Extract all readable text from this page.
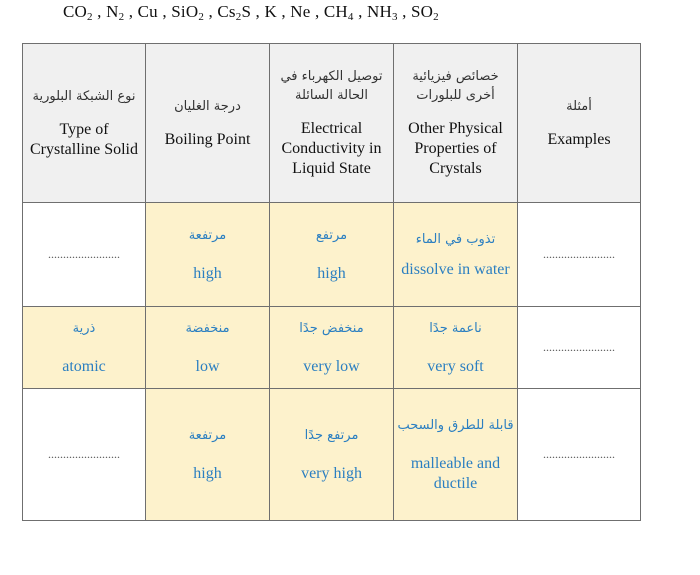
$CO_2$ , $N_2$ , Cu , SiO$_2$ , $Cs_2S$ , K , Ne , $CH_4$ , $NH_3$ , $SO_2$
نوع الشبكة البلورية
Type of Crystalline Solid	درجة الغليان
Boiling Point	توصيل الكهرباء في الحالة السائلة
Electrical Conductivity in Liquid State	خصائص فيزيائية أخرى للبلورات
Other Physical Properties of Crystals	أمثلة
Examples

........................	مرتفعة
high	مرتفع
high	تذوب في الماء
dissolve in water	........................

ذرية
atomic	منخفضة
low	منخفض جدًا
very low	ناعمة جدًا
very soft	........................

........................	مرتفعة
high	مرتفع جدًا
very high	قابلة للطرق والسحب
malleable and ductile	........................
